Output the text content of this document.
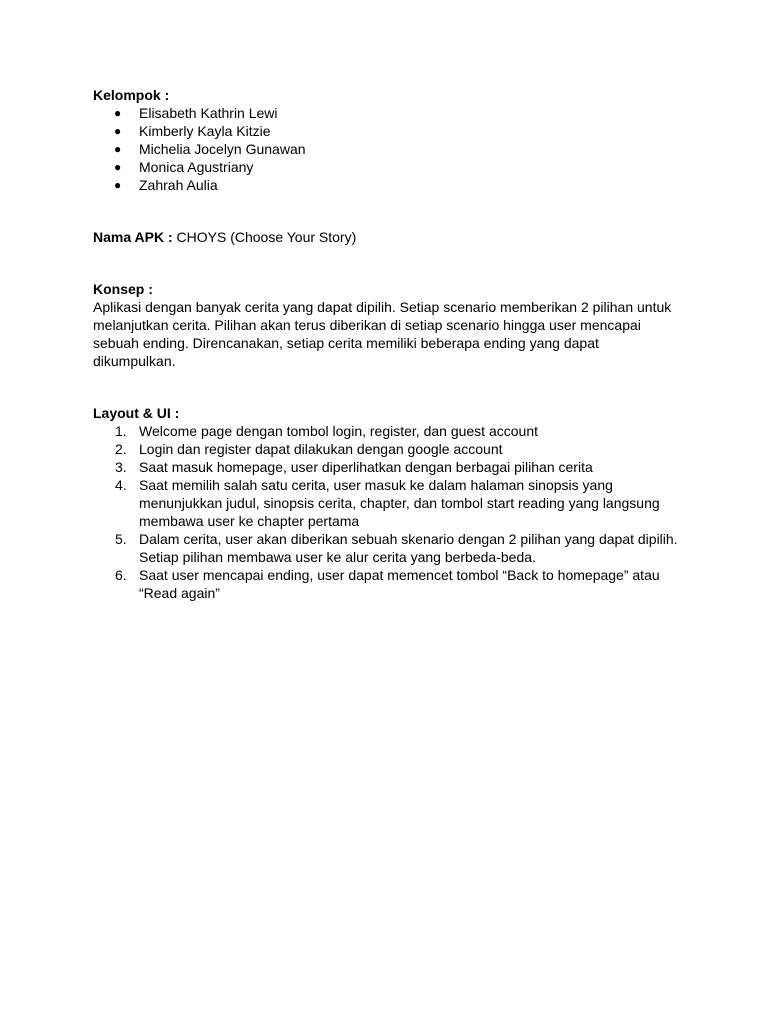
Kelompok :
● Elisabeth Kathrin Lewi
● Kimberly Kayla Kitzie
● Michelia Jocelyn Gunawan
● Monica Agustriany
● Zahrah Aulia
Nama APK : CHOYS (Choose Your Story)
Konsep :

Aplikasi dengan banyak cerita yang dapat dipilih. Setiap scenario memberikan 2 pilihan untuk melanjutkan cerita. Pilihan akan terus diberikan di setiap scenario hingga user mencapai sebuah ending. Direncanakan, setiap cerita memiliki beberapa ending yang dapat dikumpulkan.

Layout & UI :
1. Welcome page dengan tombol login, register, dan guest account
2. Login dan register dapat dilakukan dengan google account
3. Saat masuk homepage, user diperlihatkan dengan berbagai pilihan cerita
4. Saat memilih salah satu cerita, user masuk ke dalam halaman sinopsis yang menunjukkan judul, sinopsis cerita, chapter, dan tombol start reading yang langsung membawa user ke chapter pertama
5. Dalam cerita, user akan diberikan sebuah skenario dengan 2 pilihan yang dapat dipilih. Setiap pilihan membawa user ke alur cerita yang berbeda-beda.
6. Saat user mencapai ending, user dapat memencet tombol “Back to homepage” atau “Read again”
